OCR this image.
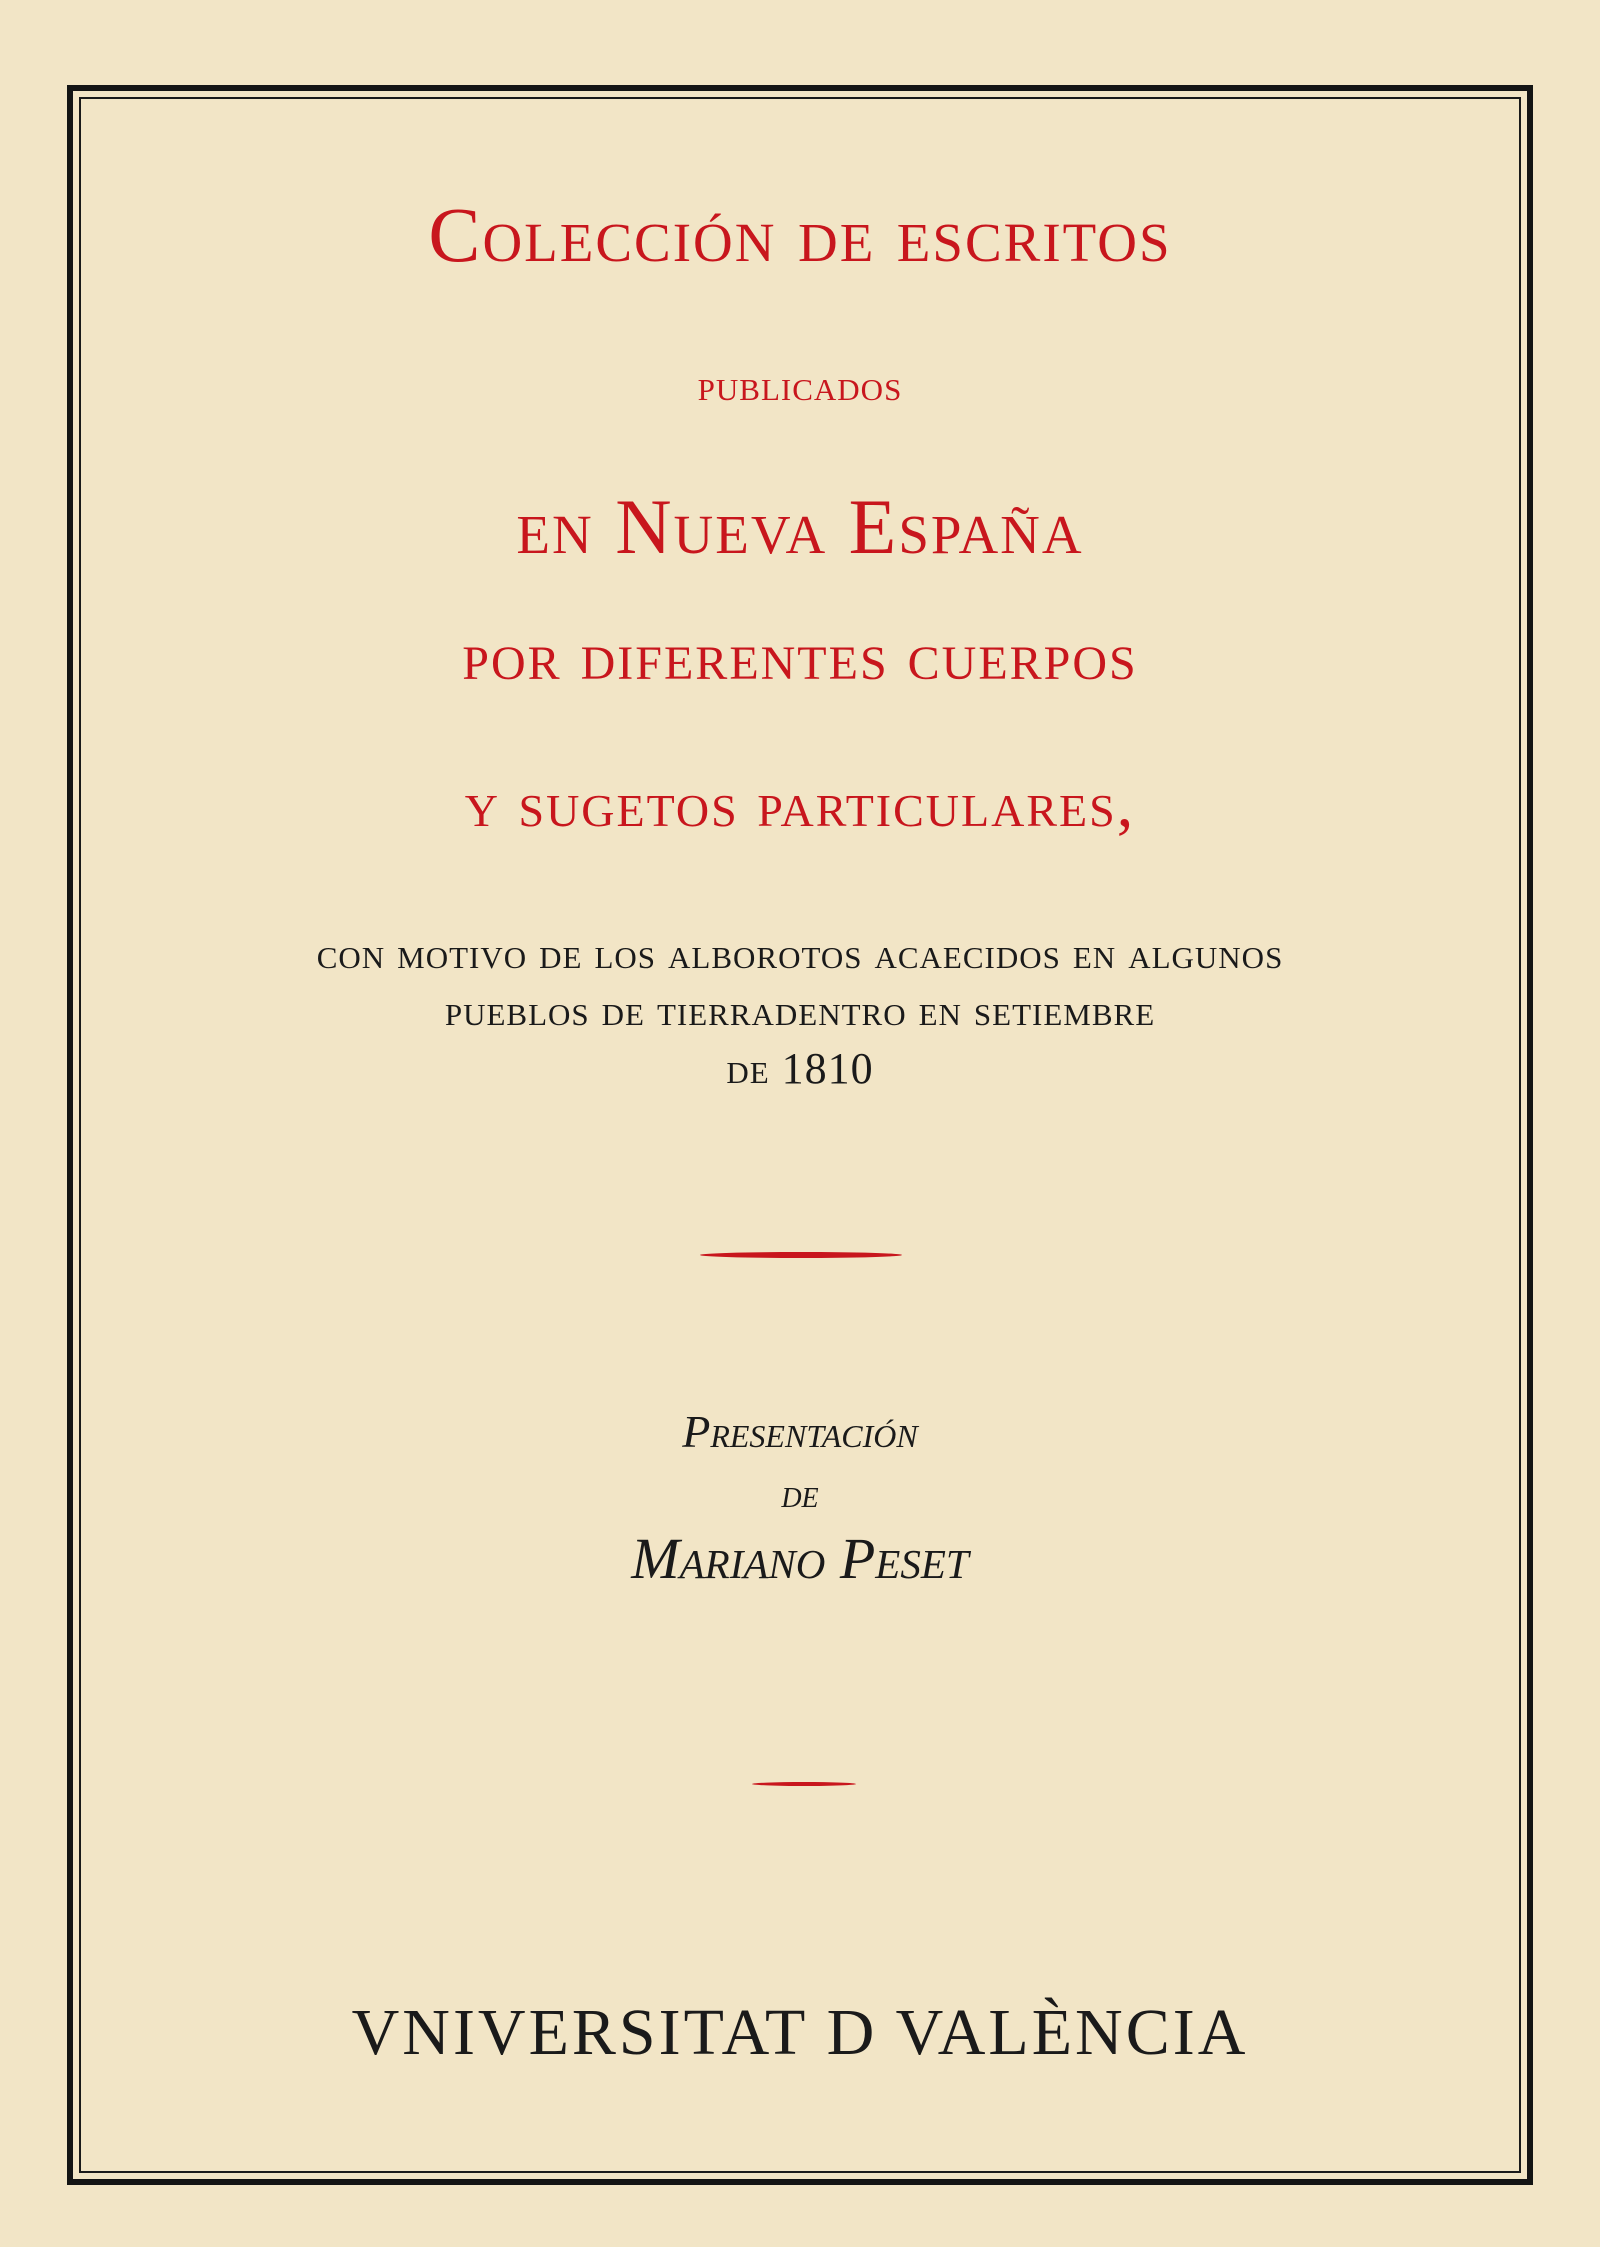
Colección de escritos
publicados
en Nueva España
por diferentes cuerpos
y sugetos particulares,
con motivo de los alborotos acaecidos en algunos
pueblos de tierradentro en setiembre
de 1810
Presentación
de
Mariano Peset
VNIVERSITAT D VALÈNCIA
